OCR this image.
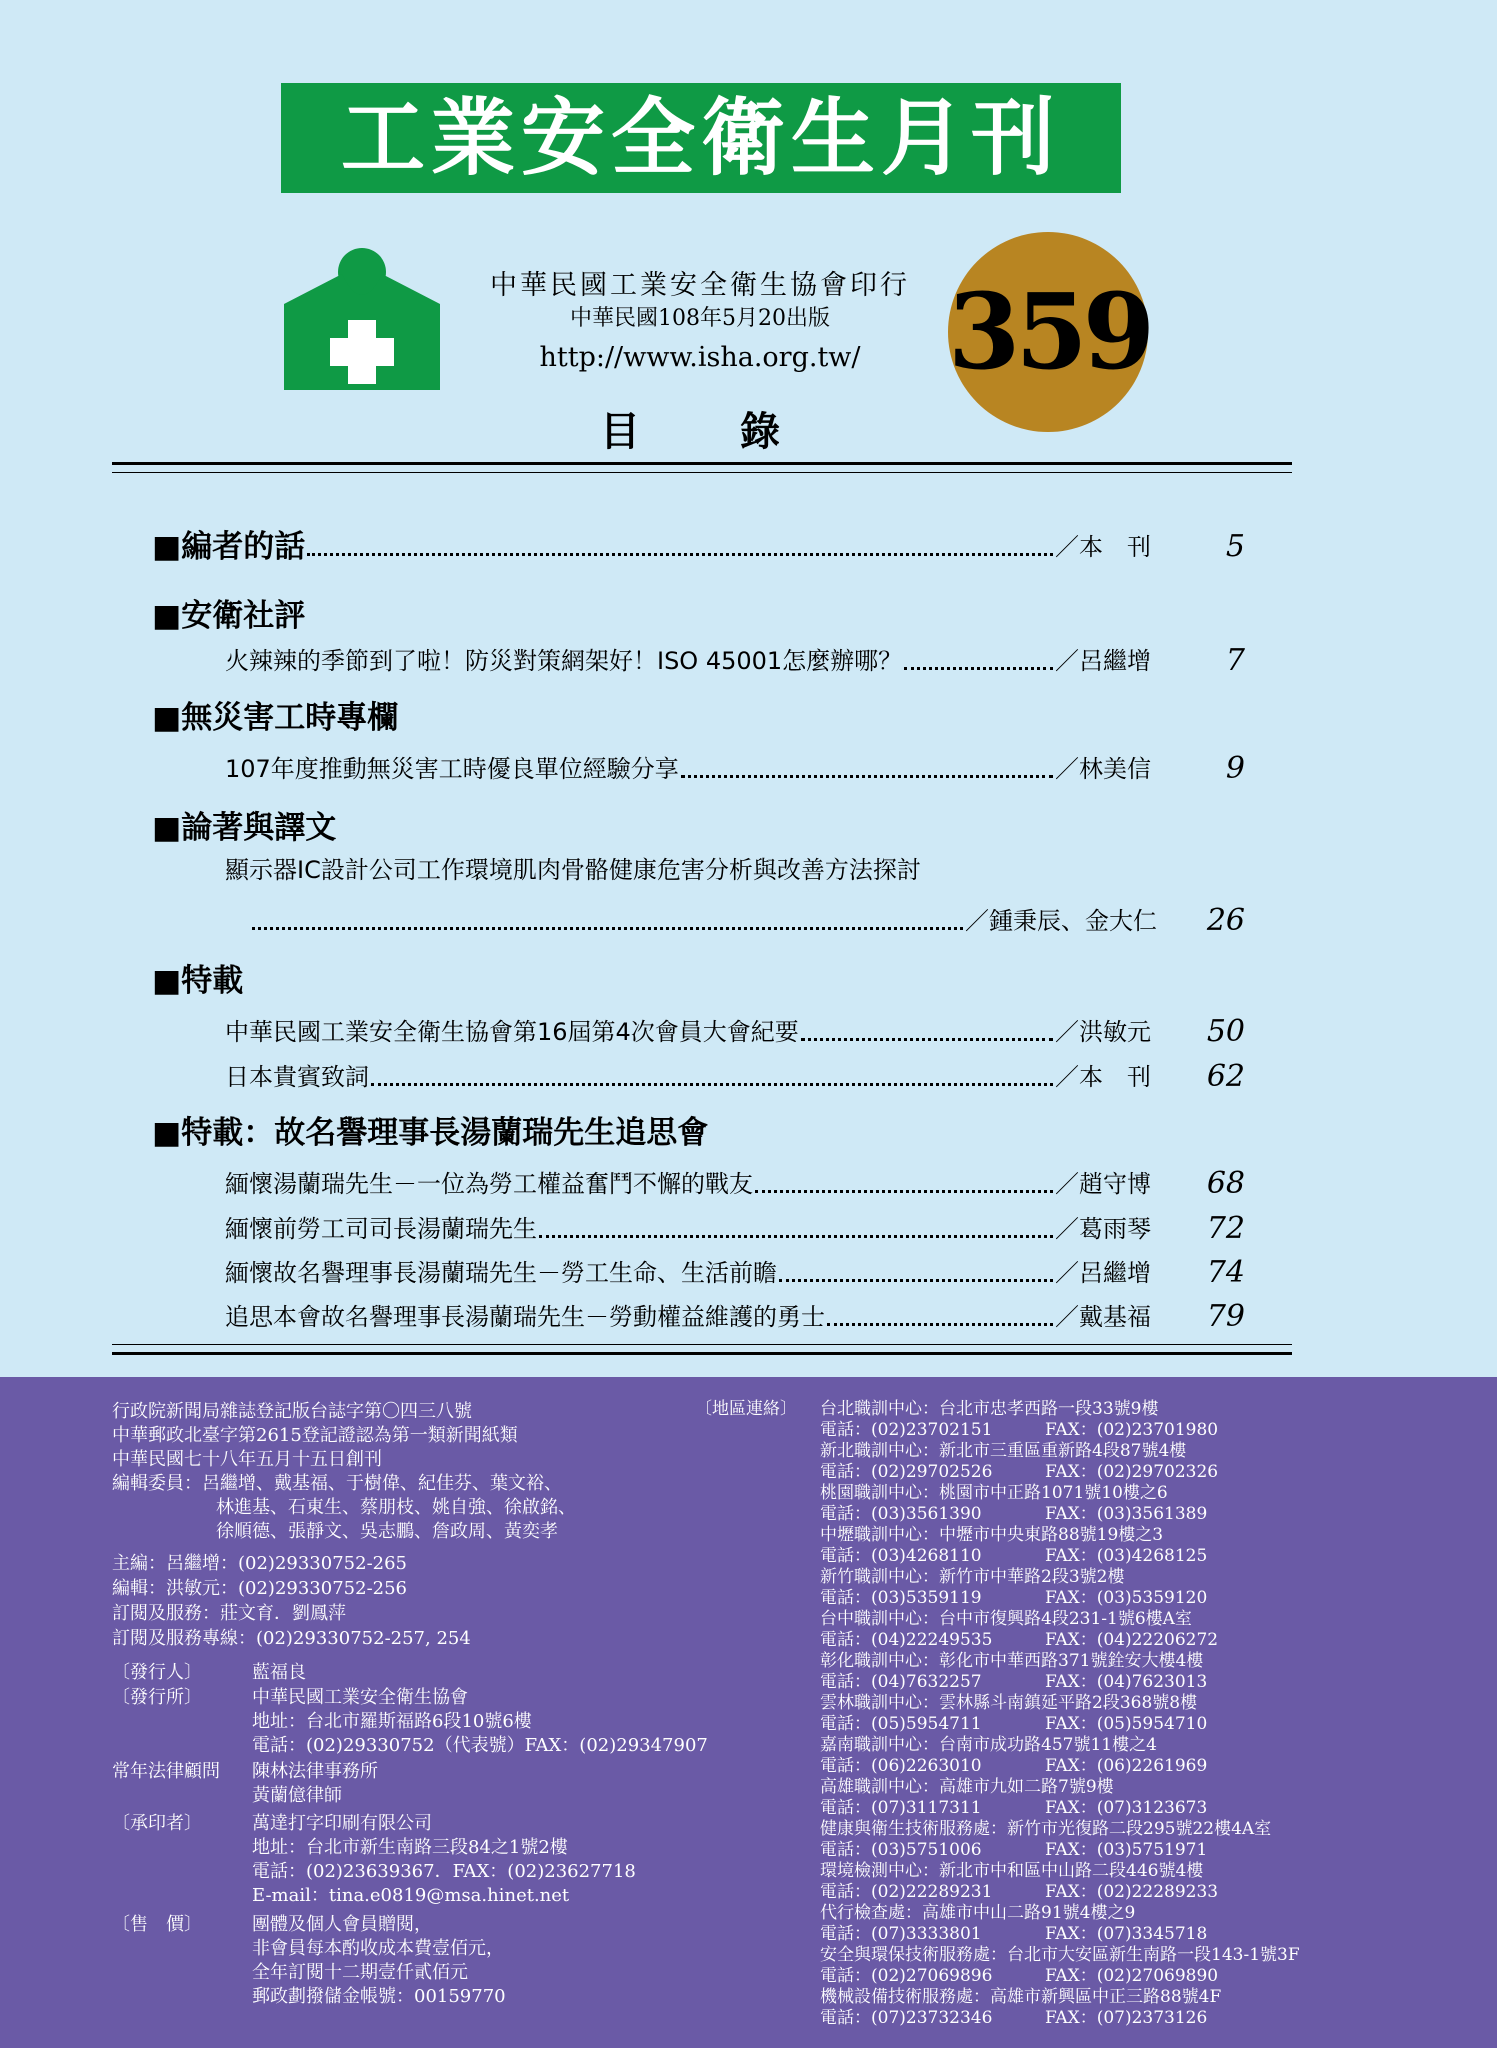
工業安全衛生月刊
中華民國工業安全衛生協會印行
中華民國108年5月20出版
http://www.isha.org.tw/ 359
目錄
■編者的話	／本　刊	5
■安衛社評
火辣辣的季節到了啦！防災對策網架好！ISO 45001怎麼辦哪？	／呂繼增	7
■無災害工時專欄
107年度推動無災害工時優良單位經驗分享	／林美信	9
■論著與譯文
顯示器IC設計公司工作環境肌肉骨骼健康危害分析與改善方法探討
／鍾秉辰、金大仁	26
■特載
中華民國工業安全衛生協會第16屆第4次會員大會紀要	／洪敏元	50
日本貴賓致詞	／本　刊	62
■特載：故名譽理事長湯蘭瑞先生追思會
緬懷湯蘭瑞先生－一位為勞工權益奮鬥不懈的戰友	／趙守博	68
緬懷前勞工司司長湯蘭瑞先生	／葛雨琴	72
緬懷故名譽理事長湯蘭瑞先生－勞工生命、生活前瞻	／呂繼增	74
追思本會故名譽理事長湯蘭瑞先生－勞動權益維護的勇士	／戴基福	79
行政院新聞局雜誌登記版台誌字第〇四三八號
中華郵政北臺字第2615登記證認為第一類新聞紙類
中華民國七十八年五月十五日創刊
編輯委員：呂繼增、戴基福、于樹偉、紀佳芬、葉文裕、
林進基、石東生、蔡朋枝、姚自強、徐啟銘、
徐順德、張靜文、吳志鵬、詹政周、黃奕孝
主編：呂繼增：(02)29330752-265
編輯：洪敏元：(02)29330752-256
訂閱及服務：莊文育．劉鳳萍
訂閱及服務專線：(02)29330752-257, 254
〔發行人〕	藍福良
〔發行所〕	中華民國工業安全衛生協會
地址：台北市羅斯福路6段10號6樓
電話：(02)29330752（代表號）FAX：(02)29347907
常年法律顧問 陳林法律事務所
黃蘭億律師
〔承印者〕	萬達打字印刷有限公司
地址：台北市新生南路三段84之1號2樓
電話：(02)23639367．FAX：(02)23627718
E-mail：tina.e0819@msa.hinet.net
〔售　價〕	團體及個人會員贈閱，
非會員每本酌收成本費壹佰元，
全年訂閱十二期壹仟貳佰元
郵政劃撥儲金帳號：00159770
〔地區連絡〕 台北職訓中心：台北市忠孝西路一段33號9樓
電話：(02)23702151	FAX：(02)23701980
新北職訓中心：新北市三重區重新路4段87號4樓
電話：(02)29702526	FAX：(02)29702326
桃園職訓中心：桃園市中正路1071號10樓之6
電話：(03)3561390	FAX：(03)3561389
中壢職訓中心：中壢市中央東路88號19樓之3
電話：(03)4268110	FAX：(03)4268125
新竹職訓中心：新竹市中華路2段3號2樓
電話：(03)5359119	FAX：(03)5359120
台中職訓中心：台中市復興路4段231-1號6樓A室
電話：(04)22249535	FAX：(04)22206272
彰化職訓中心：彰化市中華西路371號銓安大樓4樓
電話：(04)7632257	FAX：(04)7623013
雲林職訓中心：雲林縣斗南鎮延平路2段368號8樓
電話：(05)5954711	FAX：(05)5954710
嘉南職訓中心：台南市成功路457號11樓之4
電話：(06)2263010	FAX：(06)2261969
高雄職訓中心：高雄市九如二路7號9樓
電話：(07)3117311	FAX：(07)3123673
健康與衛生技術服務處：新竹市光復路二段295號22樓4A室
電話：(03)5751006	FAX：(03)5751971
環境檢測中心：新北市中和區中山路二段446號4樓
電話：(02)22289231	FAX：(02)22289233
代行檢查處：高雄市中山二路91號4樓之9
電話：(07)3333801	FAX：(07)3345718
安全與環保技術服務處：台北市大安區新生南路一段143-1號3F
電話：(02)27069896	FAX：(02)27069890
機械設備技術服務處：高雄市新興區中正三路88號4F
電話：(07)23732346	FAX：(07)2373126
